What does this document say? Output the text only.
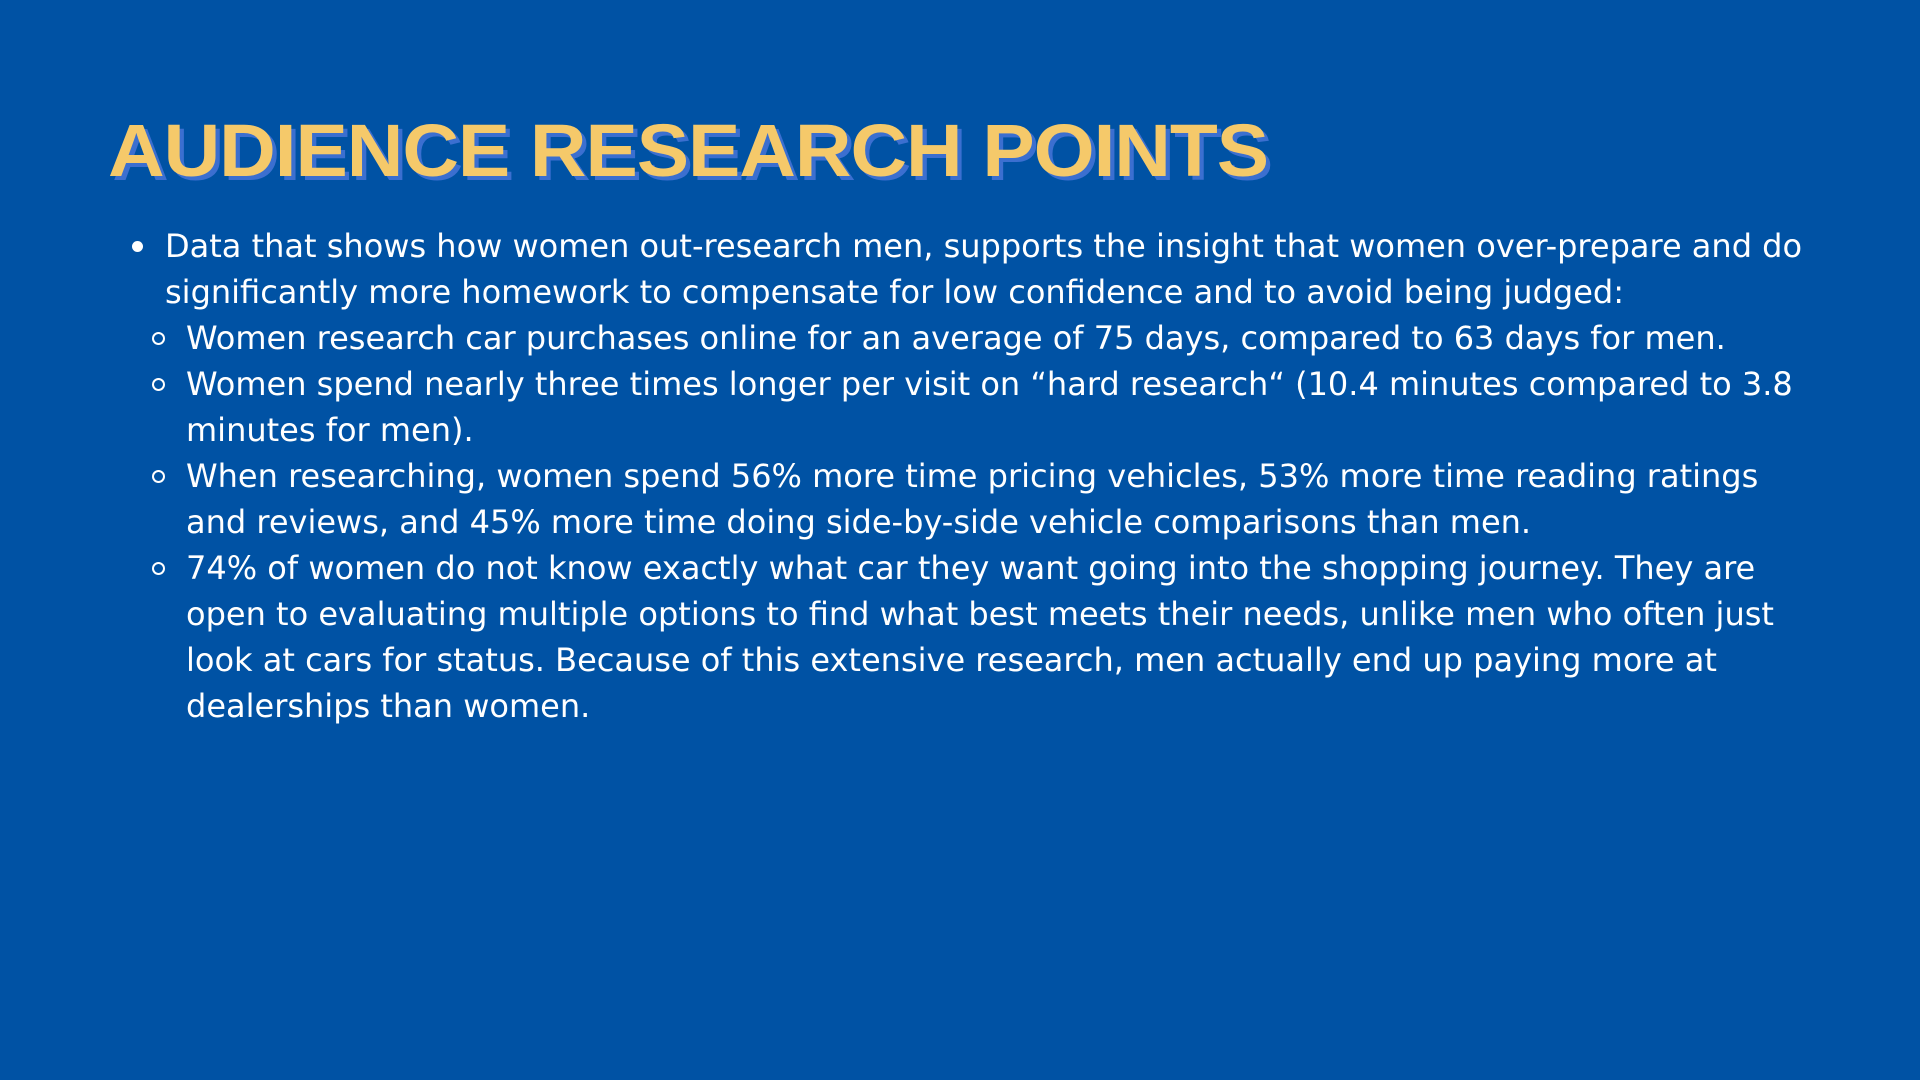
AUDIENCE RESEARCH POINTS
Data that shows how women out-research men, supports the insight that women over-prepare and do significantly more homework to compensate for low confidence and to avoid being judged:
Women research car purchases online for an average of 75 days, compared to 63 days for men.
Women spend nearly three times longer per visit on “hard research“ (10.4 minutes compared to 3.8 minutes for men).
When researching, women spend 56% more time pricing vehicles, 53% more time reading ratings and reviews, and 45% more time doing side-by-side vehicle comparisons than men.
74% of women do not know exactly what car they want going into the shopping journey. They are open to evaluating multiple options to find what best meets their needs, unlike men who often just look at cars for status. Because of this extensive research, men actually end up paying more at dealerships than women.
